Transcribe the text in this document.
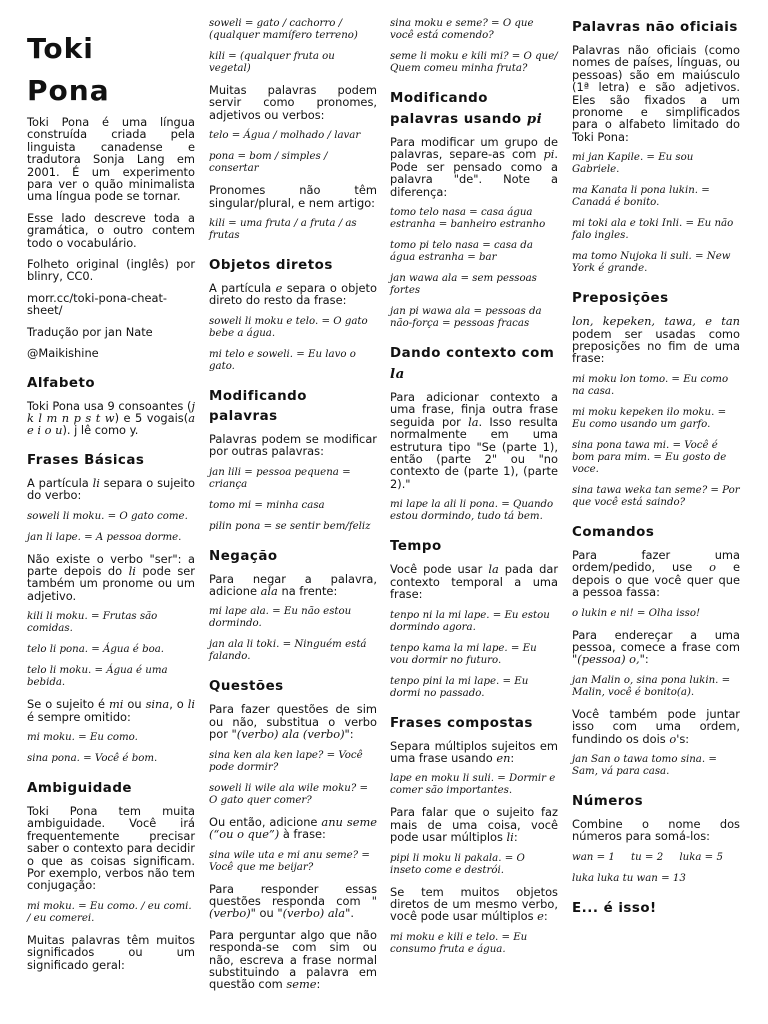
Toki
Pona
Toki Pona é uma língua construída criada pela linguista canadense e tradutora Sonja Lang em 2001. É um experimento para ver o quão minimalista uma língua pode se tornar.
Esse lado descreve toda a gramática, o outro contem todo o vocabulário.
Folheto original (inglês) por blinry, CC0.
morr.cc/toki-pona-cheat-sheet/
Tradução por jan Nate
@Maikishine
Alfabeto
Toki Pona usa 9 consoantes (j k l m n p s t w) e 5 vogais(a e i o u). j lê como y.
Frases Básicas
A partícula li separa o sujeito do verbo:
soweli li moku. = O gato come.
jan li lape. = A pessoa dorme.
Não existe o verbo "ser": a parte depois do li pode ser também um pronome ou um adjetivo.
kili li moku. = Frutas são comidas.
telo li pona. = Água é boa.
telo li moku. = Água é uma bebida.
Se o sujeito é mi ou sina, o li é sempre omitido:
mi moku. = Eu como.
sina pona. = Você é bom.
Ambiguidade
Toki Pona tem muita ambiguidade. Você irá frequentemente precisar saber o contexto para decidir o que as coisas significam. Por exemplo, verbos não tem conjugação:
mi moku. = Eu como. / eu comi. / eu comerei.
Muitas palavras têm muitos significados ou um significado geral:
soweli = gato / cachorro / (qualquer mamífero terreno)
kili = (qualquer fruta ou vegetal)
Muitas palavras podem servir como pronomes, adjetivos ou verbos:
telo = Água / molhado / lavar
pona = bom / simples / consertar
Pronomes não têm singular/plural, e nem artigo:
kili = uma fruta / a fruta / as frutas
Objetos diretos
A partícula e separa o objeto direto do resto da frase:
soweli li moku e telo. = O gato bebe a água.
mi telo e soweli. = Eu lavo o gato.
Modificando palavras
Palavras podem se modificar por outras palavras:
jan lili = pessoa pequena = criança
tomo mi = minha casa
pilin pona = se sentir bem/feliz
Negação
Para negar a palavra, adicione ala na frente:
mi lape ala. = Eu não estou dormindo.
jan ala li toki. = Ninguém está falando.
Questões
Para fazer questões de sim ou não, substitua o verbo por "(verbo) ala (verbo)":
sina ken ala ken lape? = Você pode dormir?
soweli li wile ala wile moku? = O gato quer comer?
Ou então, adicione anu seme (“ou o que”) à frase:
sina wile uta e mi anu seme? = Você que me beijar?
Para responder essas questões responda com "(verbo)" ou "(verbo) ala".
Para perguntar algo que não responda-se com sim ou não, escreva a frase normal substituindo a palavra em questão com seme:
sina moku e seme? = O que você está comendo?
seme li moku e kili mi? = O que/ Quem comeu minha fruta?
Modificando palavras usando pi
Para modificar um grupo de palavras, separe-as com pi. Pode ser pensado como a palavra "de". Note a diferença:
tomo telo nasa = casa água estranha = banheiro estranho
tomo pi telo nasa = casa da água estranha = bar
jan wawa ala = sem pessoas fortes
jan pi wawa ala = pessoas da não-força = pessoas fracas
Dando contexto com la
Para adicionar contexto a uma frase, finja outra frase seguida por la. Isso resulta normalmente em uma estrutura tipo "Se (parte 1), então (parte 2" ou "no contexto de (parte 1), (parte 2)."
mi lape la ali li pona. = Quando estou dormindo, tudo tá bem.
Tempo
Você pode usar la pada dar contexto temporal a uma frase:
tenpo ni la mi lape. = Eu estou dormindo agora.
tenpo kama la mi lape. = Eu vou dormir no futuro.
tenpo pini la mi lape. = Eu dormi no passado.
Frases compostas
Separa múltiplos sujeitos em uma frase usando en:
lape en moku li suli. = Dormir e comer são importantes.
Para falar que o sujeito faz mais de uma coisa, você pode usar múltiplos li:
pipi li moku li pakala. = O inseto come e destrói.
Se tem muitos objetos diretos de um mesmo verbo, você pode usar múltiplos e:
mi moku e kili e telo. = Eu consumo fruta e água.
Palavras não oficiais
Palavras não oficiais (como nomes de países, línguas, ou pessoas) são em maiúsculo (1ª letra) e são adjetivos. Eles são fixados a um pronome e simplificados para o alfabeto limitado do Toki Pona:
mi jan Kapile. = Eu sou Gabriele.
ma Kanata li pona lukin. = Canadá é bonito.
mi toki ala e toki Inli. = Eu não falo ingles.
ma tomo Nujoka li suli. = New York é grande.
Preposições
lon, kepeken, tawa, e tan podem ser usadas como preposições no fim de uma frase:
mi moku lon tomo. = Eu como na casa.
mi moku kepeken ilo moku. = Eu como usando um garfo.
sina pona tawa mi. = Você é bom para mim. = Eu gosto de voce.
sina tawa weka tan seme? = Por que você está saindo?
Comandos
Para fazer uma ordem/pedido, use o e depois o que você quer que a pessoa fassa:
o lukin e ni! = Olha isso!
Para endereçar a uma pessoa, comece a frase com "(pessoa) o,":
jan Malin o, sina pona lukin. = Malin, você é bonito(a).
Você também pode juntar isso com uma ordem, fundindo os dois o's:
jan San o tawa tomo sina. = Sam, vá para casa.
Números
Combine o nome dos números para somá-los:
wan = 1     tu = 2     luka = 5
luka luka tu wan = 13
E... é isso!
